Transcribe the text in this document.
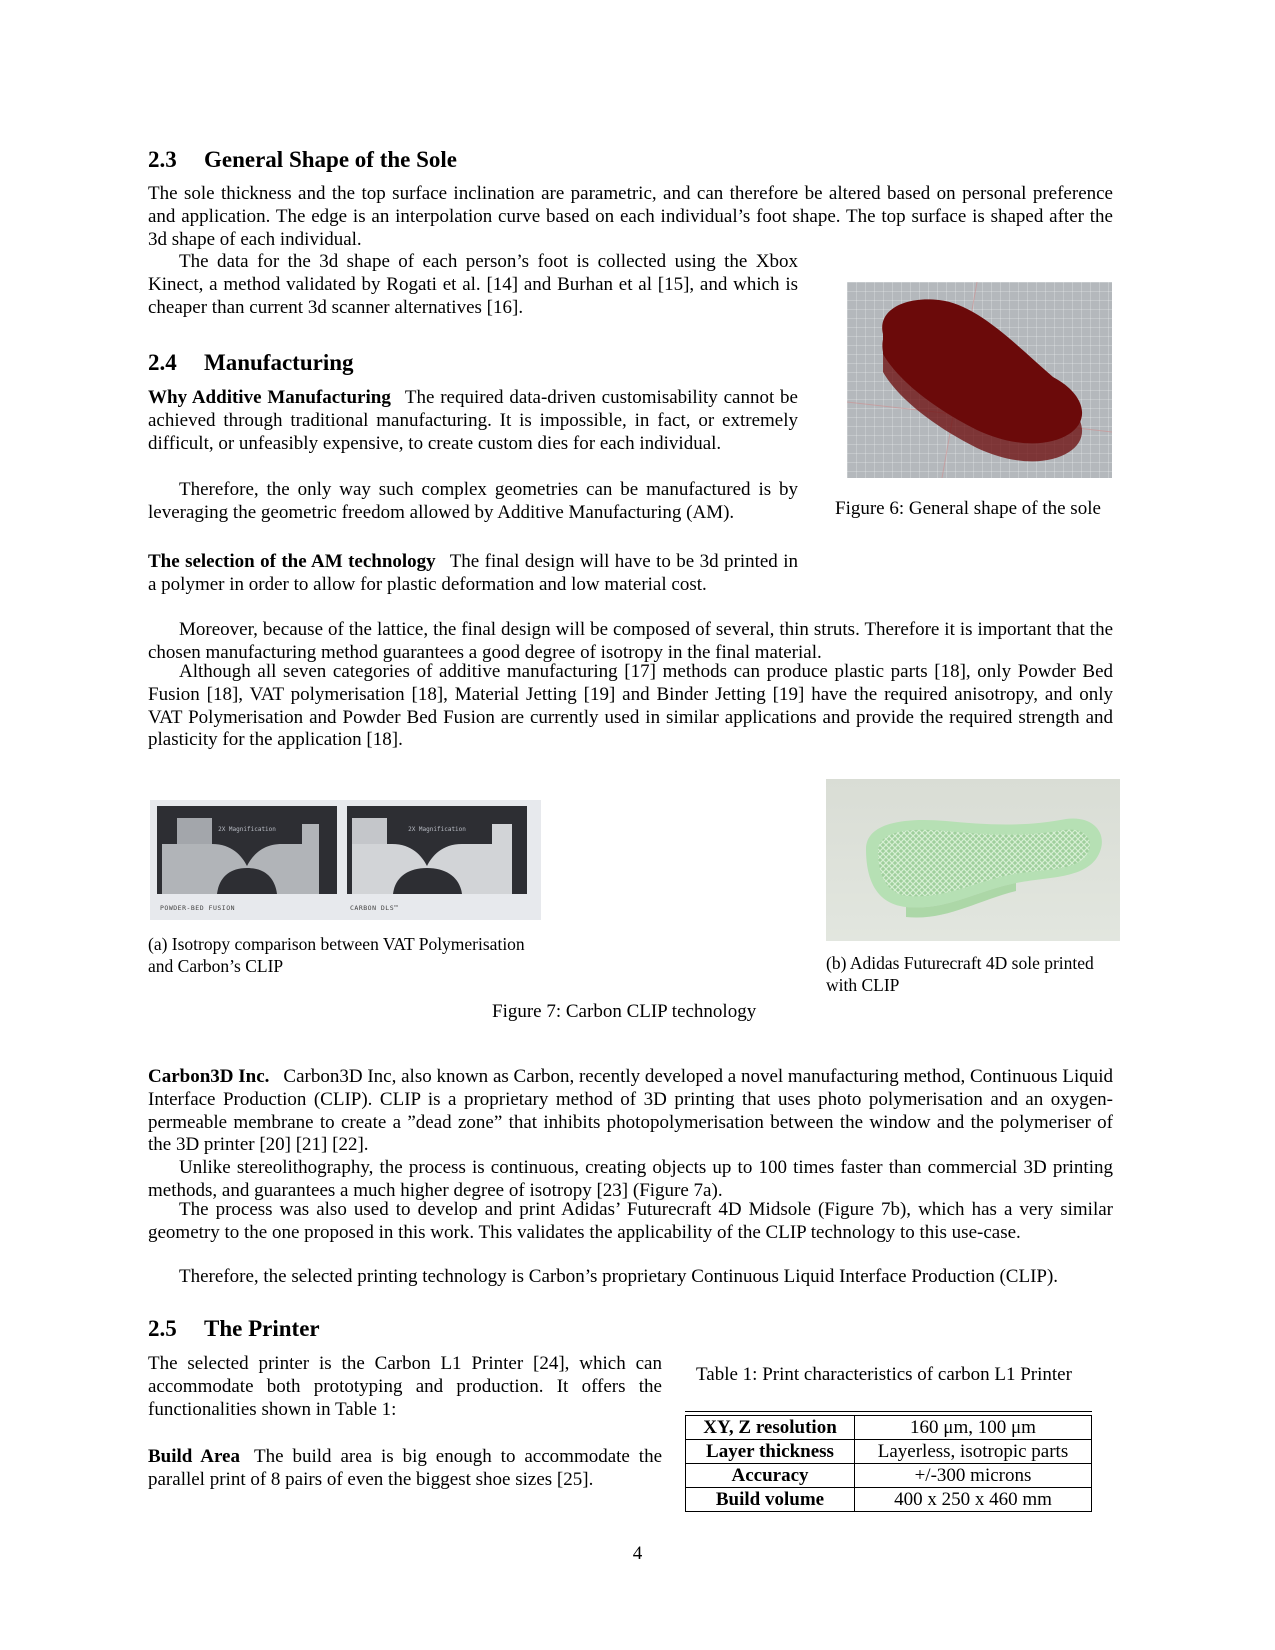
2.3 General Shape of the Sole

The sole thickness and the top surface inclination are parametric, and can therefore be altered based on personal preference and application. The edge is an interpolation curve based on each individual’s foot shape. The top surface is shaped after the 3d shape of each individual.

The data for the 3d shape of each person’s foot is collected using the Xbox Kinect, a method validated by Rogati et al. [14] and Burhan et al [15], and which is cheaper than current 3d scanner alternatives [16].

Figure 6: General shape of the sole
2.4 Manufacturing

Why Additive Manufacturing The required data-driven customisability cannot be achieved through traditional manufacturing. It is impossible, in fact, or extremely difficult, or unfeasibly expensive, to create custom dies for each individual.

Therefore, the only way such complex geometries can be manufactured is by leveraging the geometric freedom allowed by Additive Manufacturing (AM).

The selection of the AM technology The final design will have to be 3d printed in a polymer in order to allow for plastic deformation and low material cost.

Moreover, because of the lattice, the final design will be composed of several, thin struts. Therefore it is important that the chosen manufacturing method guarantees a good degree of isotropy in the final material.

Although all seven categories of additive manufacturing [17] methods can produce plastic parts [18], only Powder Bed Fusion [18], VAT polymerisation [18], Material Jetting [19] and Binder Jetting [19] have the required anisotropy, and only VAT Polymerisation and Powder Bed Fusion are currently used in similar applications and provide the required strength and plasticity for the application [18].

2X Magnification	2X Magnification
POWDER-BED FUSION	CARBON DLS™
(a) Isotropy comparison between VAT Polymerisation and Carbon’s CLIP	(b) Adidas Futurecraft 4D sole printed with CLIP
Figure 7: Carbon CLIP technology

Carbon3D Inc. Carbon3D Inc, also known as Carbon, recently developed a novel manufacturing method, Continuous Liquid Interface Production (CLIP). CLIP is a proprietary method of 3D printing that uses photo polymerisation and an oxygen-permeable membrane to create a ”dead zone” that inhibits photopolymerisation between the window and the polymeriser of the 3D printer [20] [21] [22].

Unlike stereolithography, the process is continuous, creating objects up to 100 times faster than commercial 3D printing methods, and guarantees a much higher degree of isotropy [23] (Figure 7a).

The process was also used to develop and print Adidas’ Futurecraft 4D Midsole (Figure 7b), which has a very similar geometry to the one proposed in this work. This validates the applicability of the CLIP technology to this use-case.

Therefore, the selected printing technology is Carbon’s proprietary Continuous Liquid Interface Production (CLIP).

2.5 The Printer

The selected printer is the Carbon L1 Printer [24], which can accommodate both prototyping and production. It offers the functionalities shown in Table 1:

Build Area The build area is big enough to accommodate the parallel print of 8 pairs of even the biggest shoe sizes [25].

Table 1: Print characteristics of carbon L1 Printer
XY, Z resolution	160 μm, 100 μm
Layer thickness	Layerless, isotropic parts
Accuracy	+/-300 microns
Build volume	400 x 250 x 460 mm
4
